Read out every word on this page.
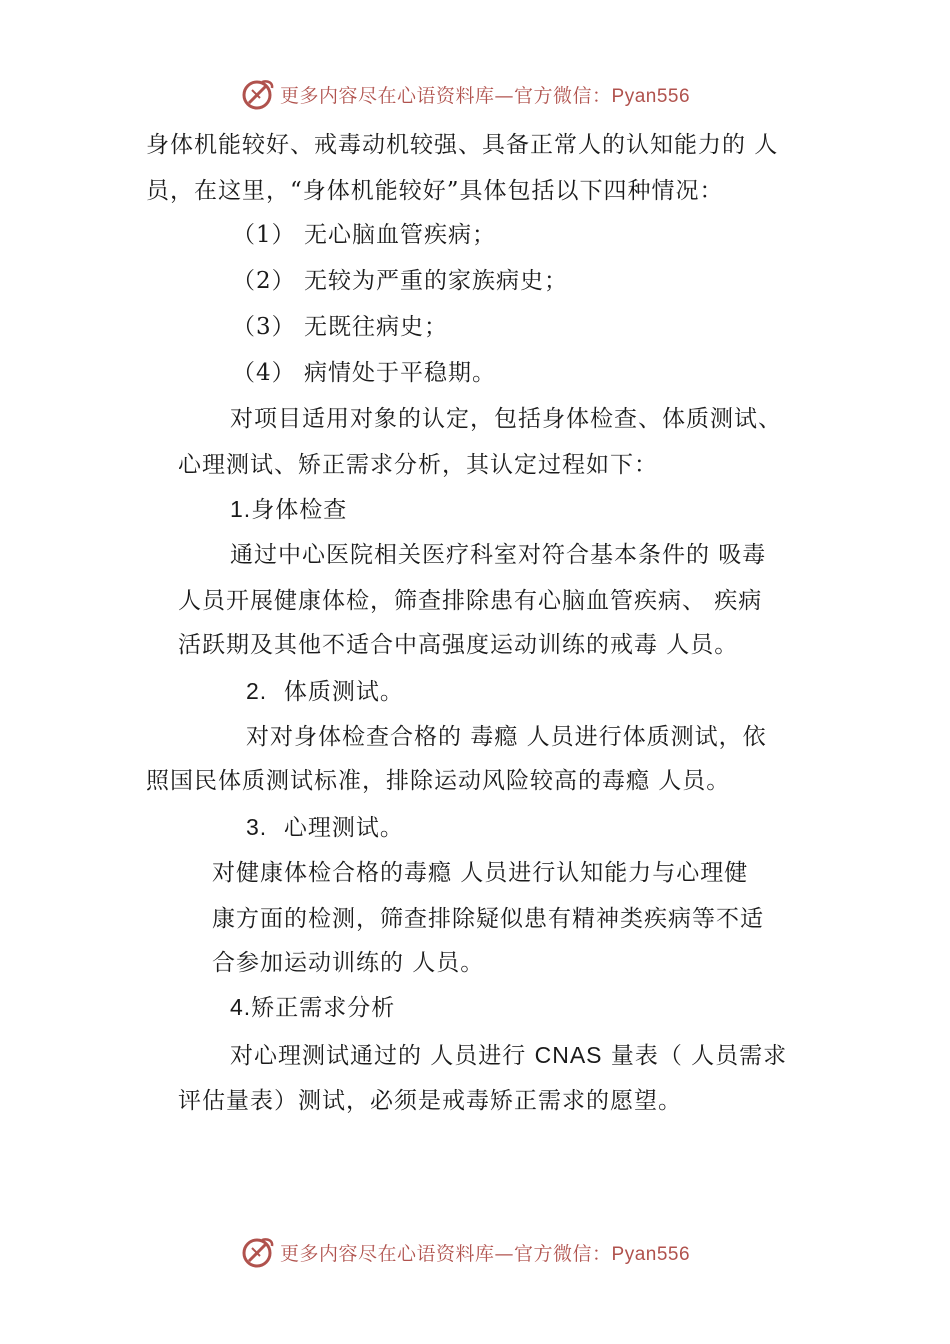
更多内容尽在心语资料库—官方微信：Pyan556
身体机能较好、戒毒动机较强、具备正常人的认知能力的 人
员，在这里，“身体机能较好”具体包括以下四种情况：
（1） 无心脑血管疾病；
（2） 无较为严重的家族病史；
（3） 无既往病史；
（4） 病情处于平稳期。
对项目适用对象的认定，包括身体检查、体质测试、
心理测试、矫正需求分析，其认定过程如下：
1.身体检查
通过中心医院相关医疗科室对符合基本条件的 吸毒
人员开展健康体检，筛查排除患有心脑血管疾病、 疾病
活跃期及其他不适合中高强度运动训练的戒毒 人员。
2. 体质测试。
对对身体检查合格的 毒瘾 人员进行体质测试，依
照国民体质测试标准，排除运动风险较高的毒瘾 人员。
3. 心理测试。
对健康体检合格的毒瘾 人员进行认知能力与心理健
康方面的检测，筛查排除疑似患有精神类疾病等不适
合参加运动训练的 人员。
4.矫正需求分析
对心理测试通过的 人员进行 CNAS 量表（ 人员需求
评估量表）测试，必须是戒毒矫正需求的愿望。
更多内容尽在心语资料库—官方微信：Pyan556
